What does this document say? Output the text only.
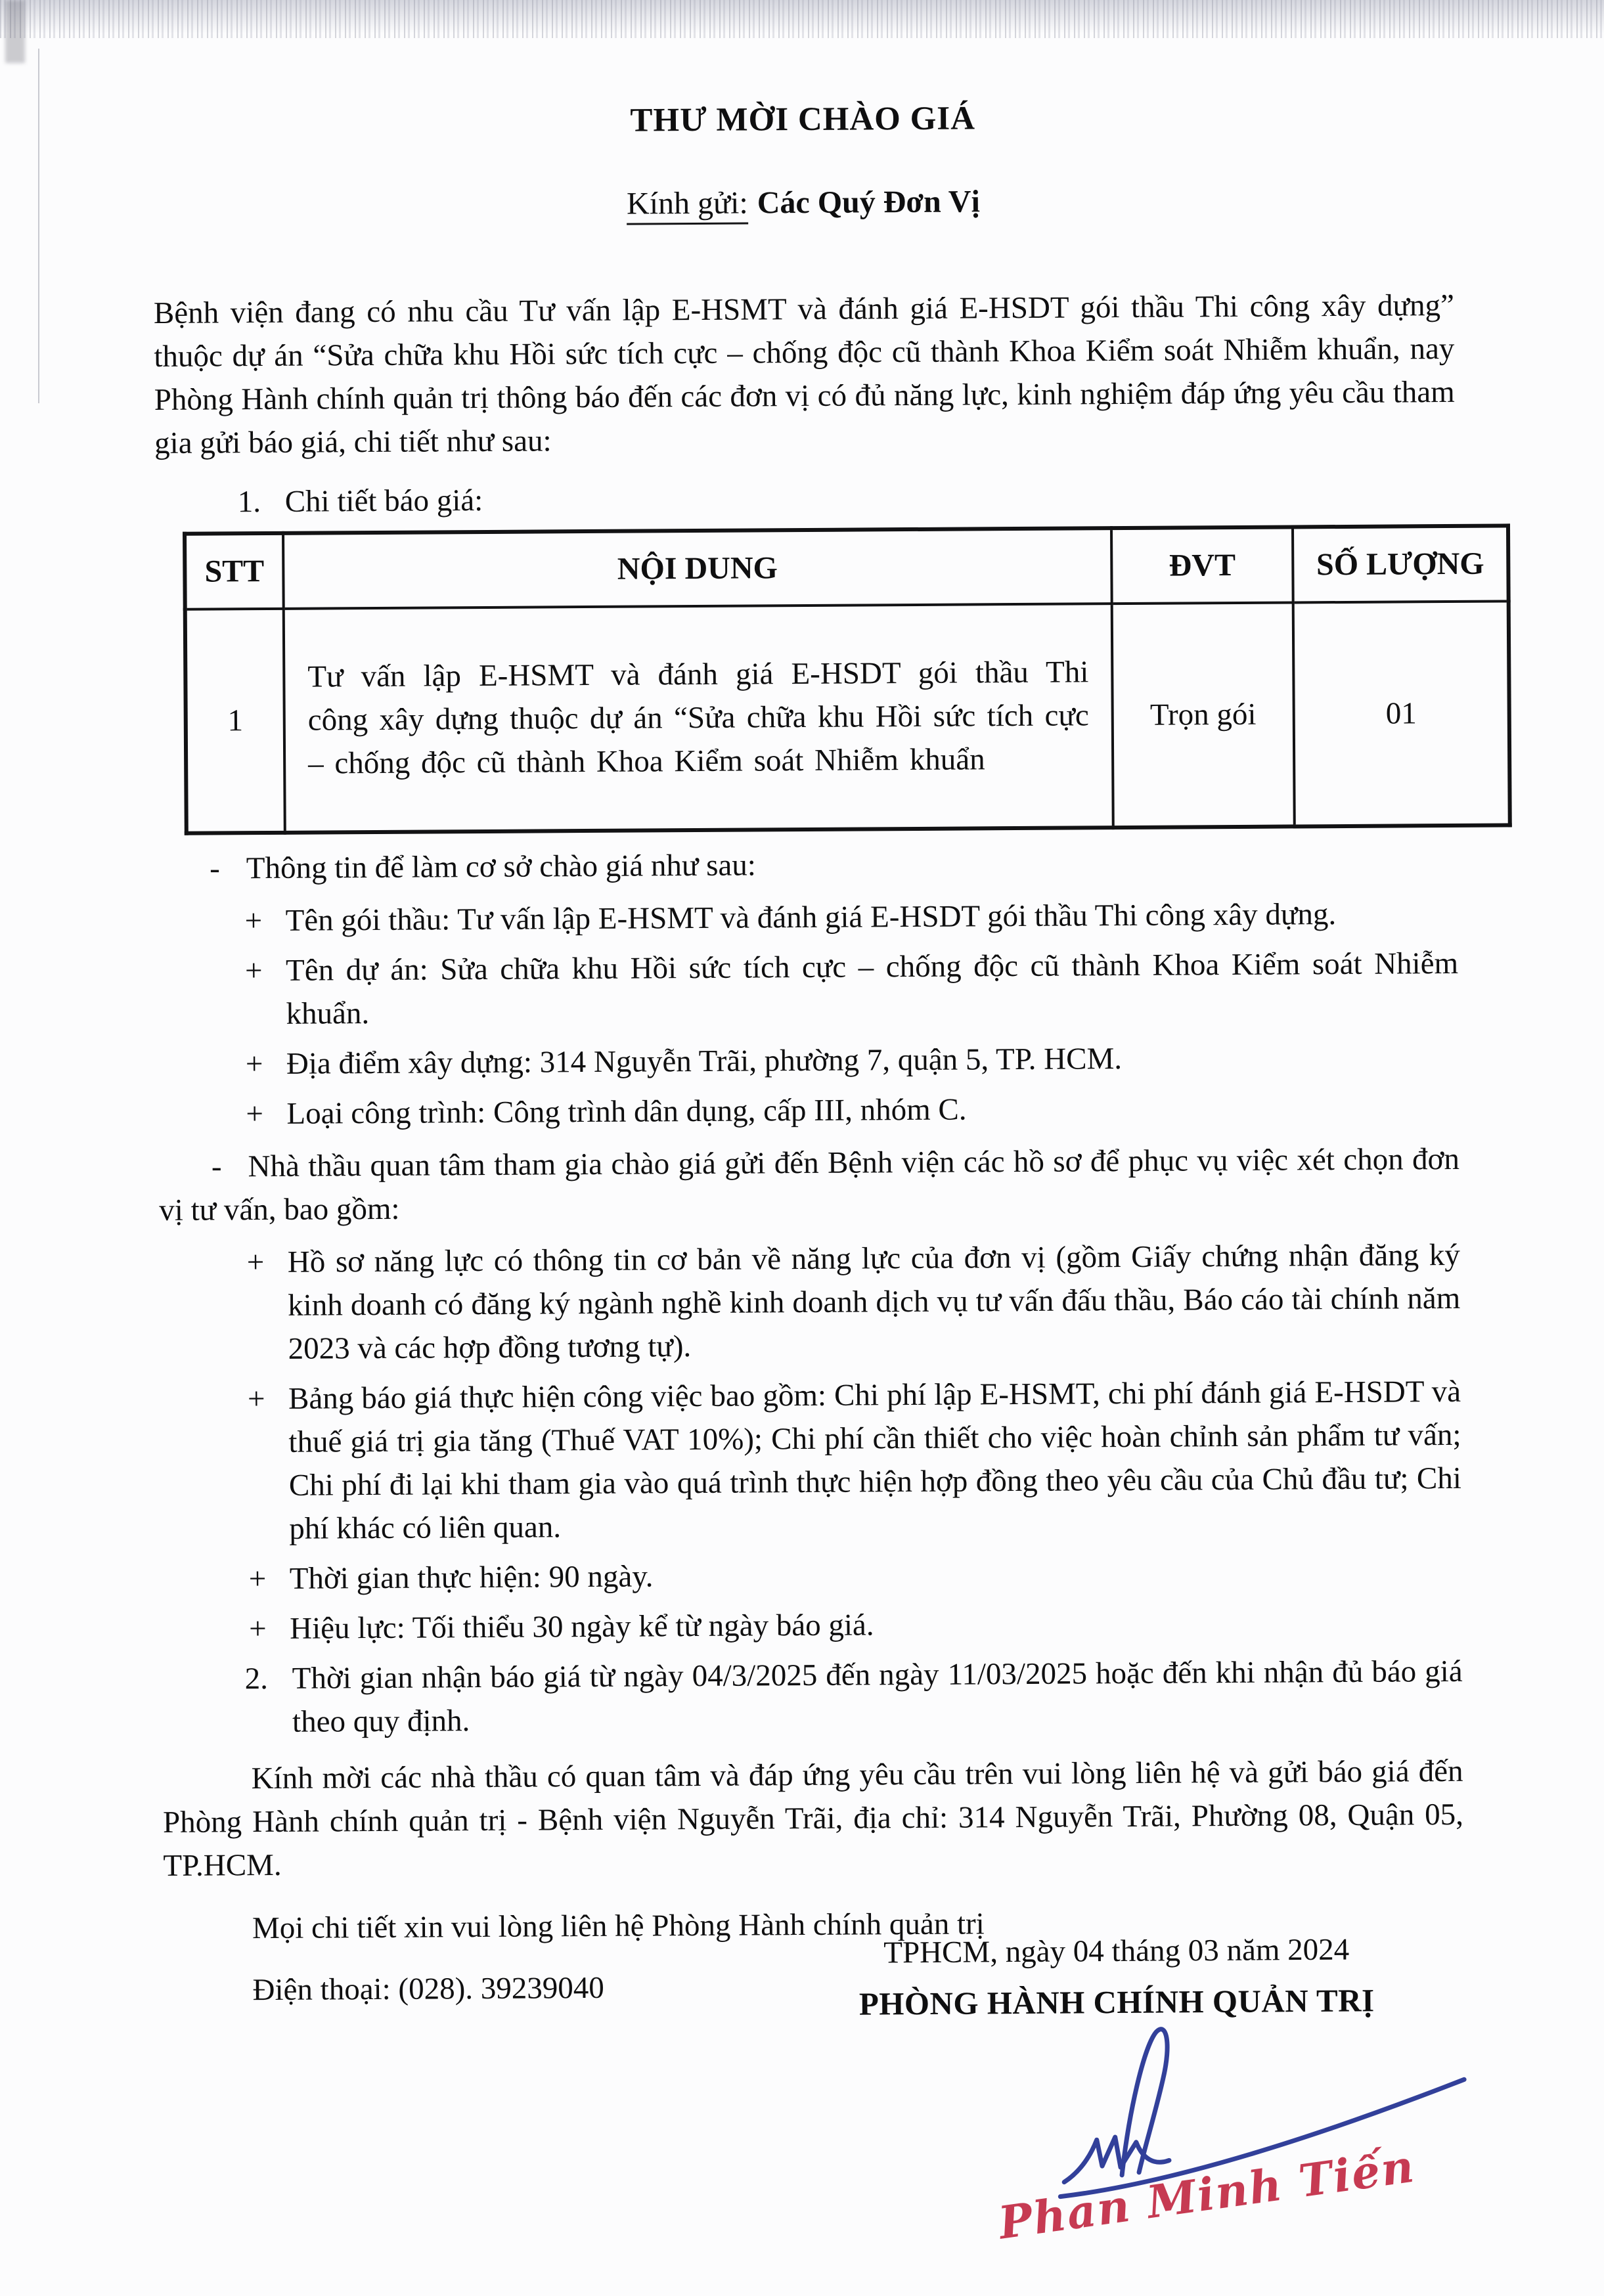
THƯ MỜI CHÀO GIÁ
Kính gửi: Các Quý Đơn Vị

Bệnh viện đang có nhu cầu Tư vấn lập E-HSMT và đánh giá E-HSDT gói thầu Thi công xây dựng” thuộc dự án “Sửa chữa khu Hồi sức tích cực – chống độc cũ thành Khoa Kiểm soát Nhiễm khuẩn, nay Phòng Hành chính quản trị thông báo đến các đơn vị có đủ năng lực, kinh nghiệm đáp ứng yêu cầu tham gia gửi báo giá, chi tiết như sau:

1. Chi tiết báo giá:
STT	NỘI DUNG	ĐVT	SỐ LƯỢNG
1	Tư vấn lập E-HSMT và đánh giá E-HSDT gói thầu Thi công xây dựng thuộc dự án “Sửa chữa khu Hồi sức tích cực – chống độc cũ thành Khoa Kiểm soát Nhiễm khuẩn	Trọn gói	01

- Thông tin để làm cơ sở chào giá như sau:

+ Tên gói thầu: Tư vấn lập E-HSMT và đánh giá E-HSDT gói thầu Thi công xây dựng.
+ Tên dự án: Sửa chữa khu Hồi sức tích cực – chống độc cũ thành Khoa Kiểm soát Nhiễm khuẩn.
+ Địa điểm xây dựng: 314 Nguyễn Trãi, phường 7, quận 5, TP. HCM.
+ Loại công trình: Công trình dân dụng, cấp III, nhóm C.

- Nhà thầu quan tâm tham gia chào giá gửi đến Bệnh viện các hồ sơ để phục vụ việc xét chọn đơn vị tư vấn, bao gồm:

+ Hồ sơ năng lực có thông tin cơ bản về năng lực của đơn vị (gồm Giấy chứng nhận đăng ký kinh doanh có đăng ký ngành nghề kinh doanh dịch vụ tư vấn đấu thầu, Báo cáo tài chính năm 2023 và các hợp đồng tương tự).
+ Bảng báo giá thực hiện công việc bao gồm: Chi phí lập E-HSMT, chi phí đánh giá E-HSDT và thuế giá trị gia tăng (Thuế VAT 10%); Chi phí cần thiết cho việc hoàn chỉnh sản phẩm tư vấn; Chi phí đi lại khi tham gia vào quá trình thực hiện hợp đồng theo yêu cầu của Chủ đầu tư; Chi phí khác có liên quan.
+ Thời gian thực hiện: 90 ngày.
+ Hiệu lực: Tối thiểu 30 ngày kể từ ngày báo giá.
2. Thời gian nhận báo giá từ ngày 04/3/2025 đến ngày 11/03/2025 hoặc đến khi nhận đủ báo giá theo quy định.

Kính mời các nhà thầu có quan tâm và đáp ứng yêu cầu trên vui lòng liên hệ và gửi báo giá đến Phòng Hành chính quản trị - Bệnh viện Nguyễn Trãi, địa chỉ: 314 Nguyễn Trãi, Phường 08, Quận 05, TP.HCM.

Mọi chi tiết xin vui lòng liên hệ Phòng Hành chính quản trị

Điện thoại: (028). 39239040

TPHCM, ngày 04 tháng 03 năm 2024
PHÒNG HÀNH CHÍNH QUẢN TRỊ
Phan Minh Tiến
